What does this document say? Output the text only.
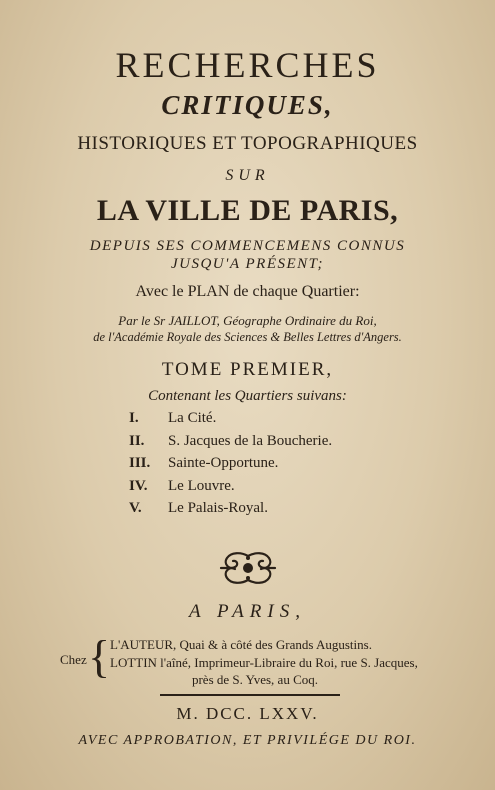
RECHERCHES
CRITIQUES,
HISTORIQUES ET TOPOGRAPHIQUES
SUR
LA VILLE DE PARIS,
DEPUIS SES COMMENCEMENS CONNUS
JUSQU'A PRÉSENT;
Avec le PLAN de chaque Quartier:
Par le Sr JAILLOT, Géographe Ordinaire du Roi,
de l'Académie Royale des Sciences & Belles Lettres d'Angers.
TOME PREMIER,
Contenant les Quartiers suivans:
I. La Cité.
II. S. Jacques de la Boucherie.
III. Sainte-Opportune.
IV. Le Louvre.
V. Le Palais-Royal.
A PARIS,
Chez { L'AUTEUR, Quai & à côté des Grands Augustins.
LOTTIN l'aîné, Imprimeur-Libraire du Roi, rue S. Jacques,
près de S. Yves, au Coq.
M. DCC. LXXV.
AVEC APPROBATION, ET PRIVILÉGE DU ROI.
